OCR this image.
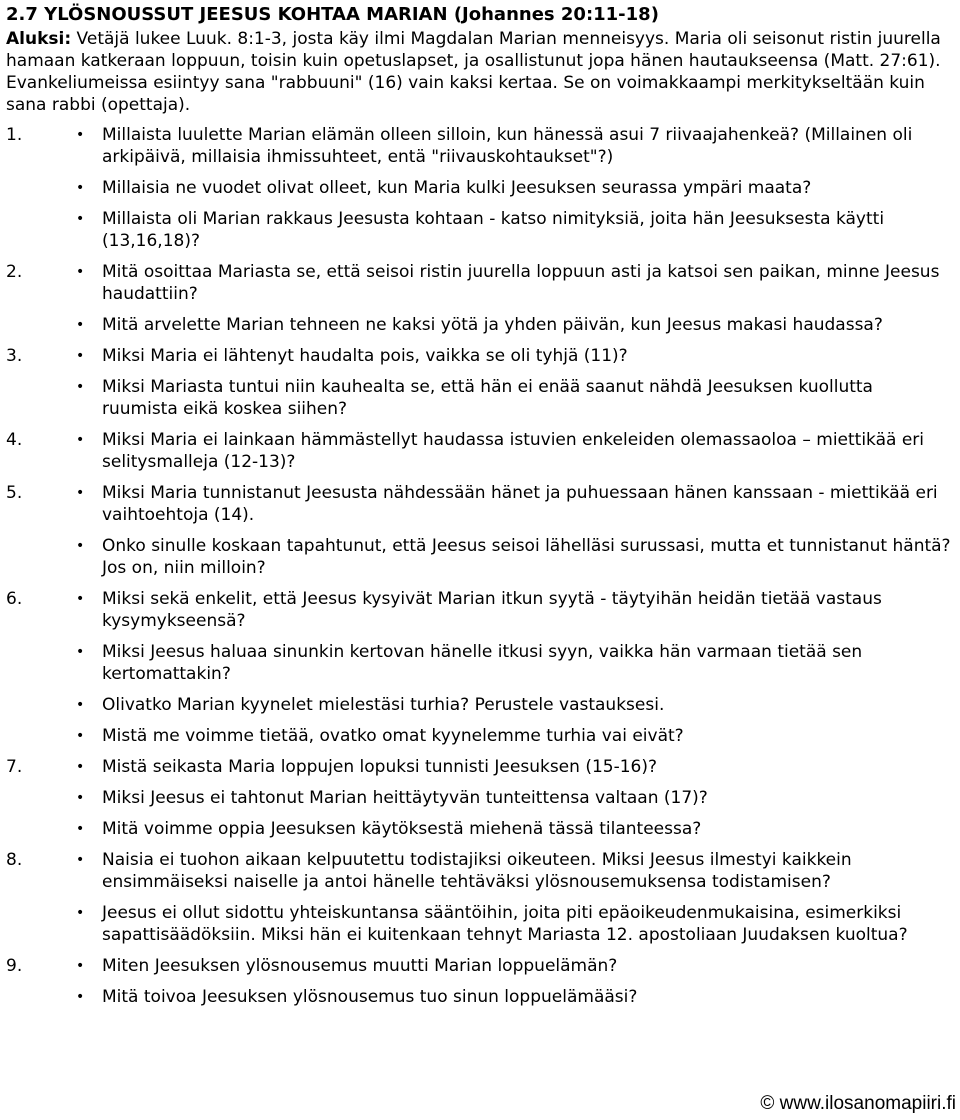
2.7 YLÖSNOUSSUT JEESUS KOHTAA MARIAN (Johannes 20:11-18)

Aluksi: Vetäjä lukee Luuk. 8:1-3, josta käy ilmi Magdalan Marian menneisyys. Maria oli seisonut ristin juurella hamaan katkeraan loppuun, toisin kuin opetuslapset, ja osallistunut jopa hänen hautaukseensa (Matt. 27:61). Evankeliumeissa esiintyy sana "rabbuuni" (16) vain kaksi kertaa. Se on voimakkaampi merkitykseltään kuin sana rabbi (opettaja).

1.	• Millaista luulette Marian elämän olleen silloin, kun hänessä asui 7 riivaajahenkeä? (Millainen oli arkipäivä, millaisia ihmissuhteet, entä "riivauskohtaukset"?)
• Millaisia ne vuodet olivat olleet, kun Maria kulki Jeesuksen seurassa ympäri maata?
• Millaista oli Marian rakkaus Jeesusta kohtaan - katso nimityksiä, joita hän Jeesuksesta käytti (13,16,18)?
2.	• Mitä osoittaa Mariasta se, että seisoi ristin juurella loppuun asti ja katsoi sen paikan, minne Jeesus haudattiin?
• Mitä arvelette Marian tehneen ne kaksi yötä ja yhden päivän, kun Jeesus makasi haudassa?
3.	• Miksi Maria ei lähtenyt haudalta pois, vaikka se oli tyhjä (11)?
• Miksi Mariasta tuntui niin kauhealta se, että hän ei enää saanut nähdä Jeesuksen kuollutta ruumista eikä koskea siihen?
4.	• Miksi Maria ei lainkaan hämmästellyt haudassa istuvien enkeleiden olemassaoloa – miettikää eri selitysmalleja (12-13)?
5.	• Miksi Maria tunnistanut Jeesusta nähdessään hänet ja puhuessaan hänen kanssaan - miettikää eri vaihtoehtoja (14).
• Onko sinulle koskaan tapahtunut, että Jeesus seisoi lähelläsi surussasi, mutta et tunnistanut häntä? Jos on, niin milloin?
6.	• Miksi sekä enkelit, että Jeesus kysyivät Marian itkun syytä - täytyihän heidän tietää vastaus kysymykseensä?
• Miksi Jeesus haluaa sinunkin kertovan hänelle itkusi syyn, vaikka hän varmaan tietää sen kertomattakin?
• Olivatko Marian kyynelet mielestäsi turhia? Perustele vastauksesi.
• Mistä me voimme tietää, ovatko omat kyynelemme turhia vai eivät?
7.	• Mistä seikasta Maria loppujen lopuksi tunnisti Jeesuksen (15-16)?
• Miksi Jeesus ei tahtonut Marian heittäytyvän tunteittensa valtaan (17)?
• Mitä voimme oppia Jeesuksen käytöksestä miehenä tässä tilanteessa?
8.	• Naisia ei tuohon aikaan kelpuutettu todistajiksi oikeuteen. Miksi Jeesus ilmestyi kaikkein ensimmäiseksi naiselle ja antoi hänelle tehtäväksi ylösnousemuksensa todistamisen?
• Jeesus ei ollut sidottu yhteiskuntansa sääntöihin, joita piti epäoikeudenmukaisina, esimerkiksi sapattisäädöksiin. Miksi hän ei kuitenkaan tehnyt Mariasta 12. apostoliaan Juudaksen kuoltua?
9.	• Miten Jeesuksen ylösnousemus muutti Marian loppuelämän?
• Mitä toivoa Jeesuksen ylösnousemus tuo sinun loppuelämääsi?
© www.ilosanomapiiri.fi
